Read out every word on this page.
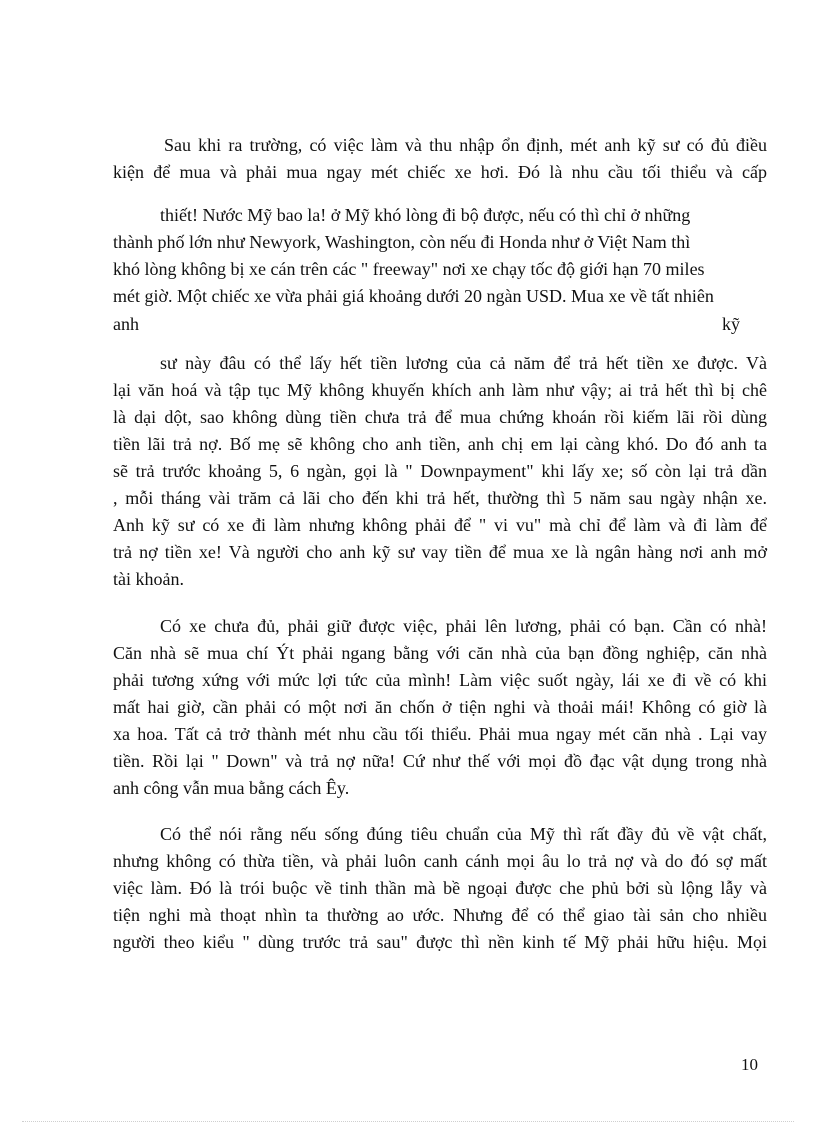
Sau khi ra trường, có việc làm và thu nhập ổn định, mét anh kỹ sư có đủ điều
kiện để mua và phải mua ngay mét chiếc xe hơi. Đó là nhu cầu tối thiểu và cấp
thiết! Nước Mỹ bao la! ở Mỹ khó lòng đi bộ được, nếu có thì chỉ ở những
thành phố lớn như Newyork, Washington, còn nếu đi Honda như ở Việt Nam thì
khó lòng không bị xe cán trên các " freeway" nơi xe chạy tốc độ giới hạn 70 miles
mét giờ. Một chiếc xe vừa phải giá khoảng dưới 20 ngàn USD. Mua xe về tất nhiên
anh	kỹ
sư này đâu có thể lấy hết tiền lương của cả năm để trả hết tiền xe được. Và
lại văn hoá và tập tục Mỹ không khuyến khích anh làm như vậy; ai trả hết thì bị chê
là dại dột, sao không dùng tiền chưa trả để mua chứng khoán rồi kiếm lãi rồi dùng
tiền lãi trả nợ. Bố mẹ sẽ không cho anh tiền, anh chị em lại càng khó. Do đó anh ta
sẽ trả trước khoảng 5, 6 ngàn, gọi là " Downpayment" khi lấy xe; số còn lại trả dần
, mỗi tháng vài trăm cả lãi cho đến khi trả hết, thường thì 5 năm sau ngày nhận xe.
Anh kỹ sư có xe đi làm nhưng không phải để " vi vu" mà chỉ để làm và đi làm để
trả nợ tiền xe! Và người cho anh kỹ sư vay tiền để mua xe là ngân hàng nơi anh mở
tài khoản.
Có xe chưa đủ, phải giữ được việc, phải lên lương, phải có bạn. Cần có nhà!
Căn nhà sẽ mua chí Ýt phải ngang bằng với căn nhà của bạn đồng nghiệp, căn nhà
phải tương xứng với mức lợi tức của mình! Làm việc suốt ngày, lái xe đi về có khi
mất hai giờ, cần phải có một nơi ăn chốn ở tiện nghi và thoải mái! Không có giờ là
xa hoa. Tất cả trở thành mét nhu cầu tối thiểu. Phải mua ngay mét căn nhà . Lại vay
tiền. Rồi lại " Down" và trả nợ nữa! Cứ như thế với mọi đồ đạc vật dụng trong nhà
anh công vẫn mua bằng cách Êy.
Có thể nói rằng nếu sống đúng tiêu chuẩn của Mỹ thì rất đầy đủ về vật chất,
nhưng không có thừa tiền, và phải luôn canh cánh mọi âu lo trả nợ và do đó sợ mất
việc làm. Đó là trói buộc về tinh thần mà bề ngoại được che phủ bởi sù lộng lẫy và
tiện nghi mà thoạt nhìn ta thường ao ước. Nhưng để có thể giao tài sản cho nhiều
người theo kiểu " dùng trước trả sau" được thì nền kinh tế Mỹ phải hữu hiệu. Mọi
10
